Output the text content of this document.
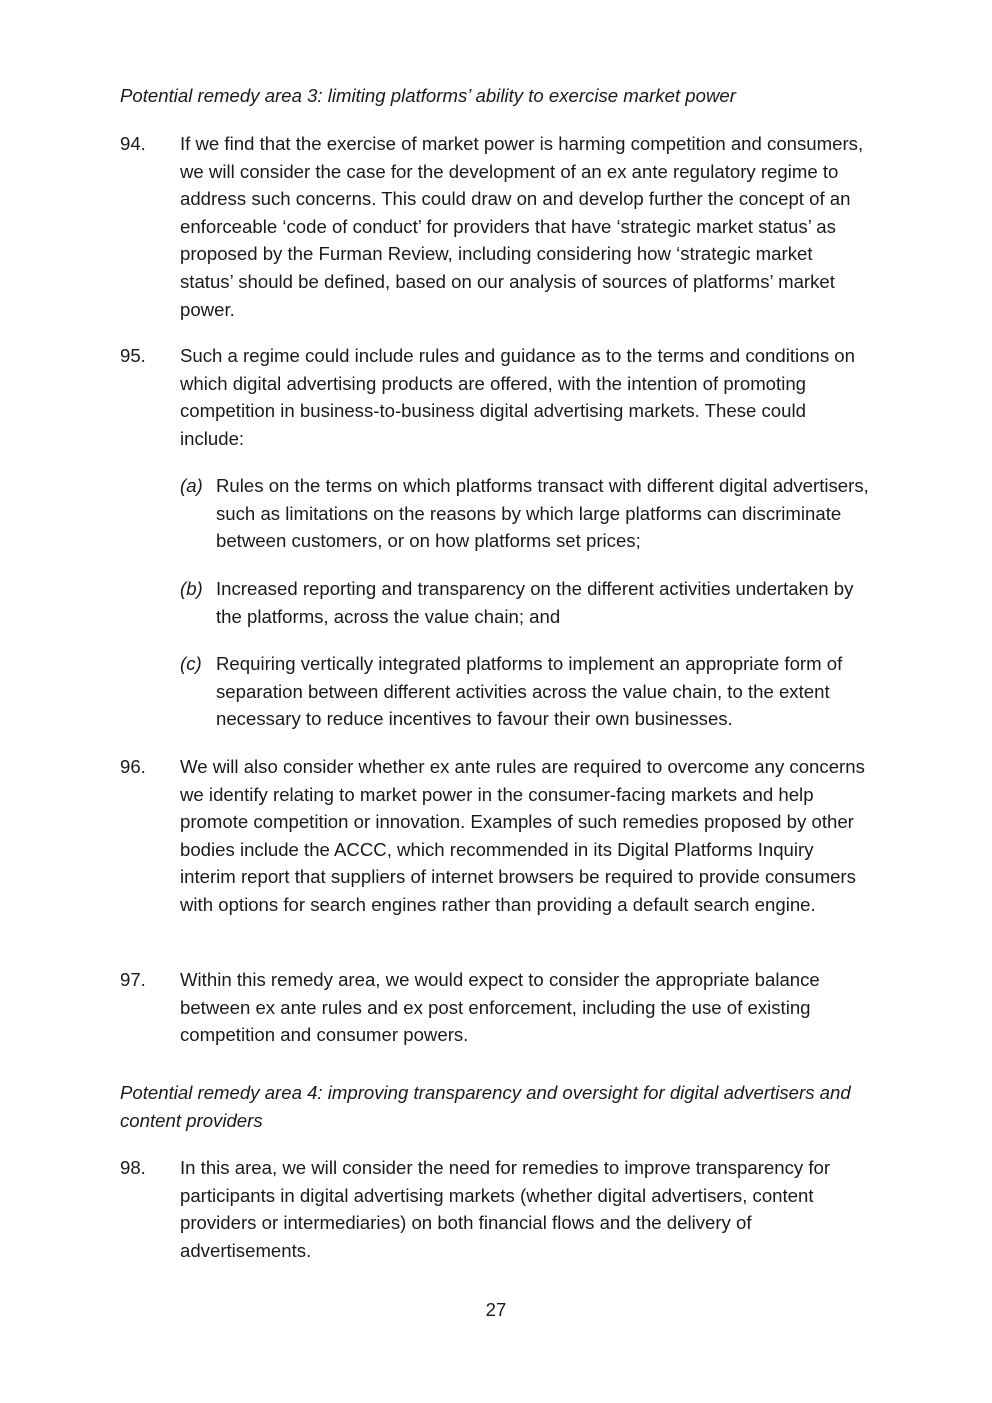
Potential remedy area 3: limiting platforms’ ability to exercise market power

94.	If we find that the exercise of market power is harming competition and consumers, we will consider the case for the development of an ex ante regulatory regime to address such concerns. This could draw on and develop further the concept of an enforceable ‘code of conduct’ for providers that have ‘strategic market status’ as proposed by the Furman Review, including considering how ‘strategic market status’ should be defined, based on our analysis of sources of platforms’ market power.
95.	Such a regime could include rules and guidance as to the terms and conditions on which digital advertising products are offered, with the intention of promoting competition in business-to-business digital advertising markets. These could include:
(a) Rules on the terms on which platforms transact with different digital advertisers, such as limitations on the reasons by which large platforms can discriminate between customers, or on how platforms set prices;
(b) Increased reporting and transparency on the different activities undertaken by the platforms, across the value chain; and
(c) Requiring vertically integrated platforms to implement an appropriate form of separation between different activities across the value chain, to the extent necessary to reduce incentives to favour their own businesses.
96.	We will also consider whether ex ante rules are required to overcome any concerns we identify relating to market power in the consumer-facing markets and help promote competition or innovation. Examples of such remedies proposed by other bodies include the ACCC, which recommended in its Digital Platforms Inquiry interim report that suppliers of internet browsers be required to provide consumers with options for search engines rather than providing a default search engine.
97.	Within this remedy area, we would expect to consider the appropriate balance between ex ante rules and ex post enforcement, including the use of existing competition and consumer powers.

Potential remedy area 4: improving transparency and oversight for digital advertisers and content providers

98.	In this area, we will consider the need for remedies to improve transparency for participants in digital advertising markets (whether digital advertisers, content providers or intermediaries) on both financial flows and the delivery of advertisements.
27
